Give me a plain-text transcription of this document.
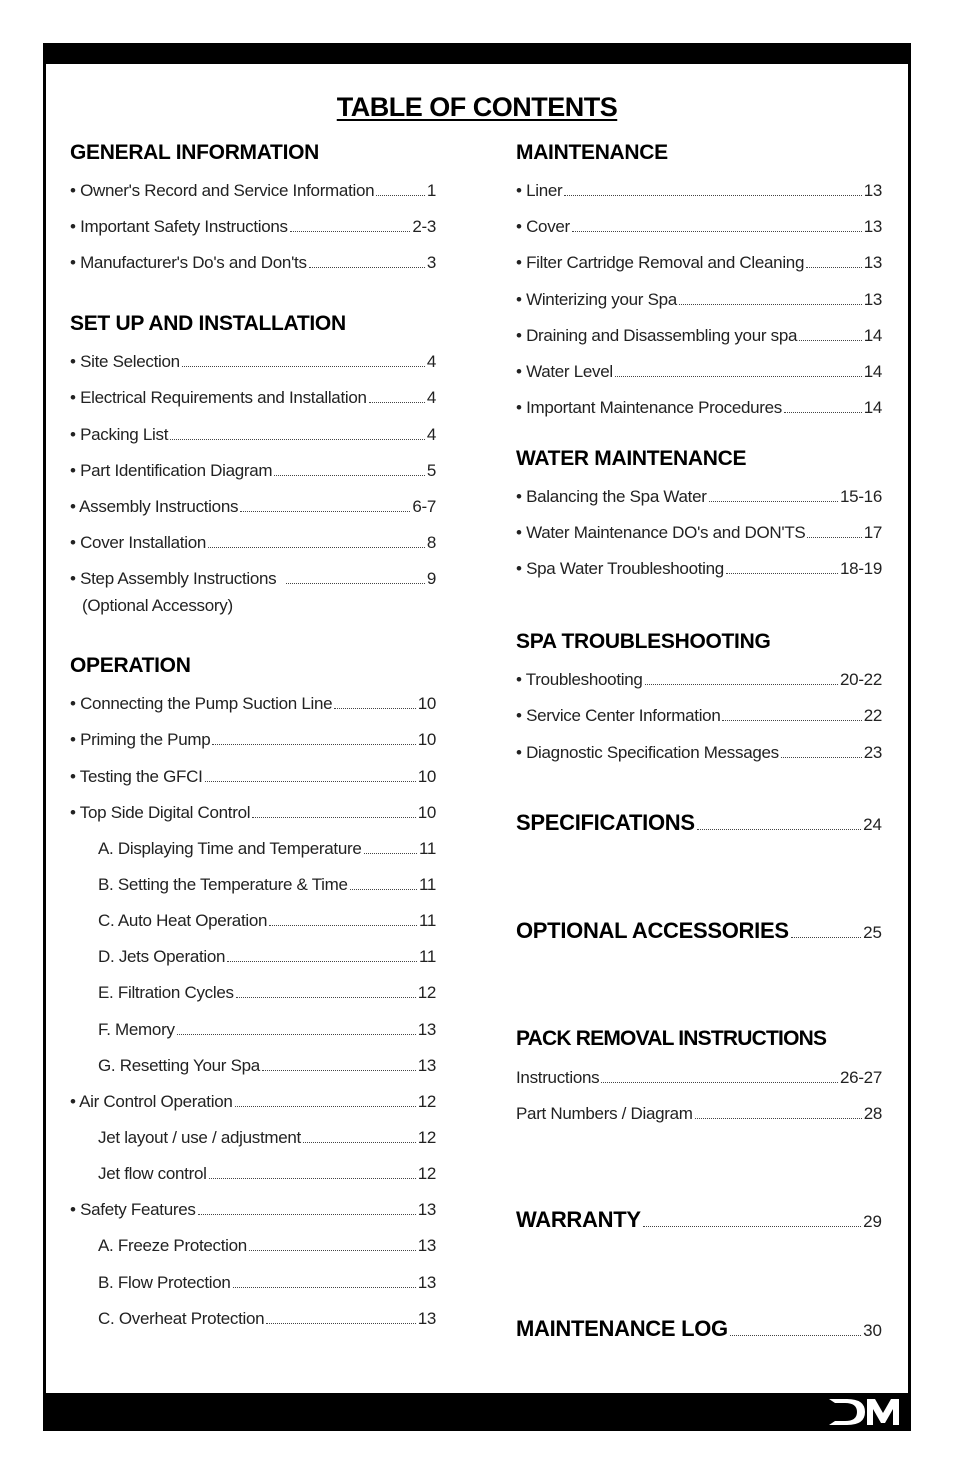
TABLE OF CONTENTS
GENERAL INFORMATION
• Owner's Record and Service Information	1
• Important Safety Instructions	2-3
• Manufacturer's Do's and Don'ts	3
SET UP AND INSTALLATION
• Site Selection	4
• Electrical Requirements and Installation	4
• Packing List	4
• Part Identification Diagram	5
• Assembly Instructions	6-7
• Cover Installation	8
• Step Assembly Instructions	9
(Optional Accessory)
OPERATION
• Connecting the Pump Suction Line	10
• Priming the Pump	10
• Testing the GFCI	10
• Top Side Digital Control	10
A. Displaying Time and Temperature	11
B. Setting the Temperature & Time	11
C. Auto Heat Operation	11
D. Jets Operation	11
E. Filtration Cycles	12
F. Memory	13
G. Resetting Your Spa	13
• Air Control Operation	12
Jet layout / use / adjustment	12
Jet flow control	12
• Safety Features	13
A. Freeze Protection	13
B. Flow Protection	13
C. Overheat Protection	13
MAINTENANCE
• Liner	13
• Cover	13
• Filter Cartridge Removal and Cleaning	13
• Winterizing your Spa	13
• Draining and Disassembling your spa	14
• Water Level	14
• Important Maintenance Procedures	14
WATER MAINTENANCE
• Balancing the Spa Water	15-16
• Water Maintenance DO's and DON'TS	17
• Spa Water Troubleshooting	18-19
SPA TROUBLESHOOTING
• Troubleshooting	20-22
• Service Center Information	22
• Diagnostic Specification Messages	23
SPECIFICATIONS	24
OPTIONAL ACCESSORIES	25
PACK REMOVAL INSTRUCTIONS
Instructions	26-27
Part Numbers / Diagram	28
WARRANTY	29
MAINTENANCE LOG	30
